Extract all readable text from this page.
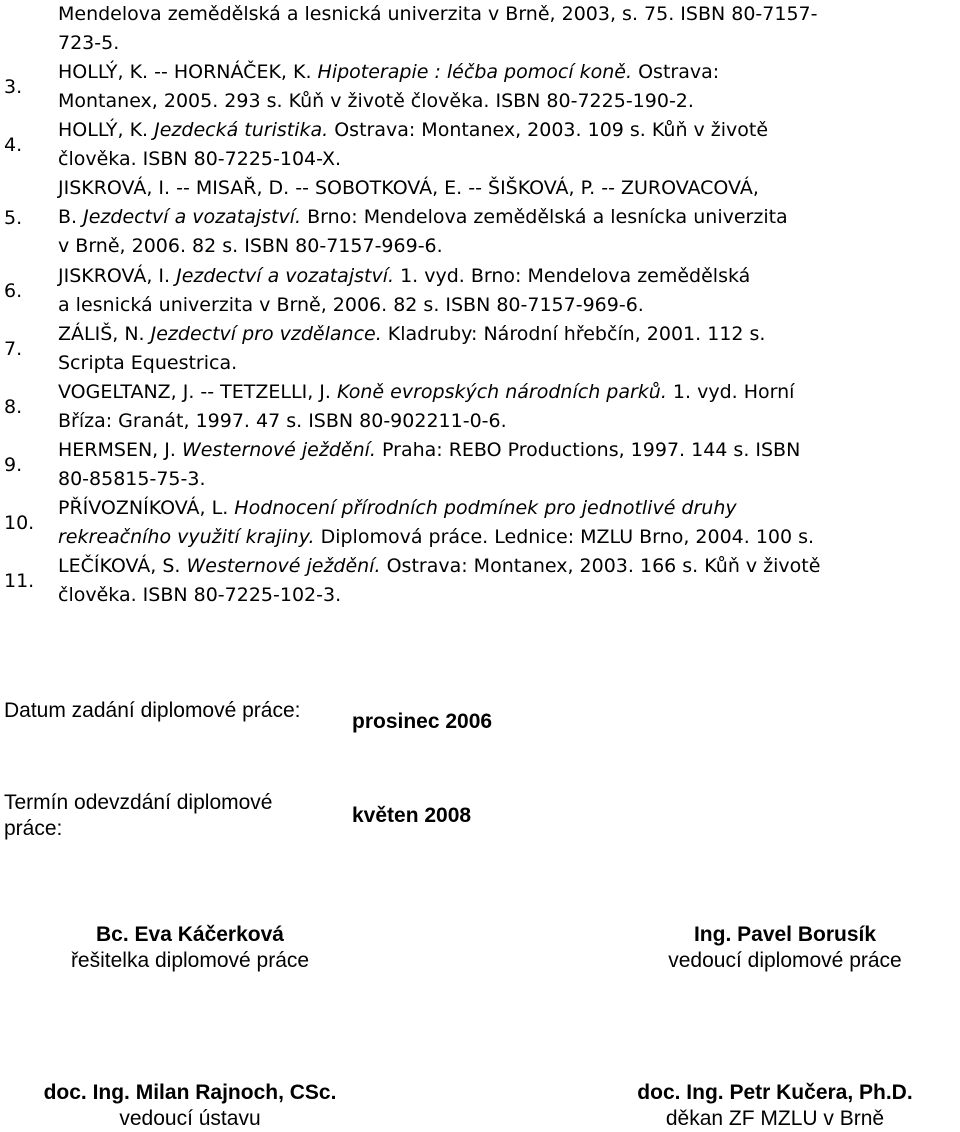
Mendelova zemědělská a lesnická univerzita v Brně, 2003, s. 75. ISBN 80-7157-
723-5.
3.
HOLLÝ, K. -- HORNÁČEK, K. Hipoterapie : léčba pomocí koně. Ostrava:
Montanex, 2005. 293 s. Kůň v životě člověka. ISBN 80-7225-190-2.
4.
HOLLÝ, K. Jezdecká turistika. Ostrava: Montanex, 2003. 109 s. Kůň v životě
člověka. ISBN 80-7225-104-X.
5.
JISKROVÁ, I. -- MISAŘ, D. -- SOBOTKOVÁ, E. -- ŠIŠKOVÁ, P. -- ZUROVACOVÁ,
B. Jezdectví a vozatajství. Brno: Mendelova zemědělská a lesnícka univerzita
v Brně, 2006. 82 s. ISBN 80-7157-969-6.
6.
JISKROVÁ, I. Jezdectví a vozatajství. 1. vyd. Brno: Mendelova zemědělská
a lesnická univerzita v Brně, 2006. 82 s. ISBN 80-7157-969-6.
7.
ZÁLIŠ, N. Jezdectví pro vzdělance. Kladruby: Národní hřebčín, 2001. 112 s.
Scripta Equestrica.
8.
VOGELTANZ, J. -- TETZELLI, J. Koně evropských národních parků. 1. vyd. Horní
Bříza: Granát, 1997. 47 s. ISBN 80-902211-0-6.
9.
HERMSEN, J. Westernové ježdění. Praha: REBO Productions, 1997. 144 s. ISBN
80-85815-75-3.
10.
PŘÍVOZNÍKOVÁ, L. Hodnocení přírodních podmínek pro jednotlivé druhy
rekreačního využití krajiny. Diplomová práce. Lednice: MZLU Brno, 2004. 100 s.
11.
LEČÍKOVÁ, S. Westernové ježdění. Ostrava: Montanex, 2003. 166 s. Kůň v životě
člověka. ISBN 80-7225-102-3.
Datum zadání diplomové práce:	prosinec 2006
Termín odevzdání diplomové práce:
květen 2008
Bc. Eva Káčerková
řešitelka diplomové práce
Ing. Pavel Borusík
vedoucí diplomové práce
doc. Ing. Milan Rajnoch, CSc.
vedoucí ústavu
doc. Ing. Petr Kučera, Ph.D.
děkan ZF MZLU v Brně
